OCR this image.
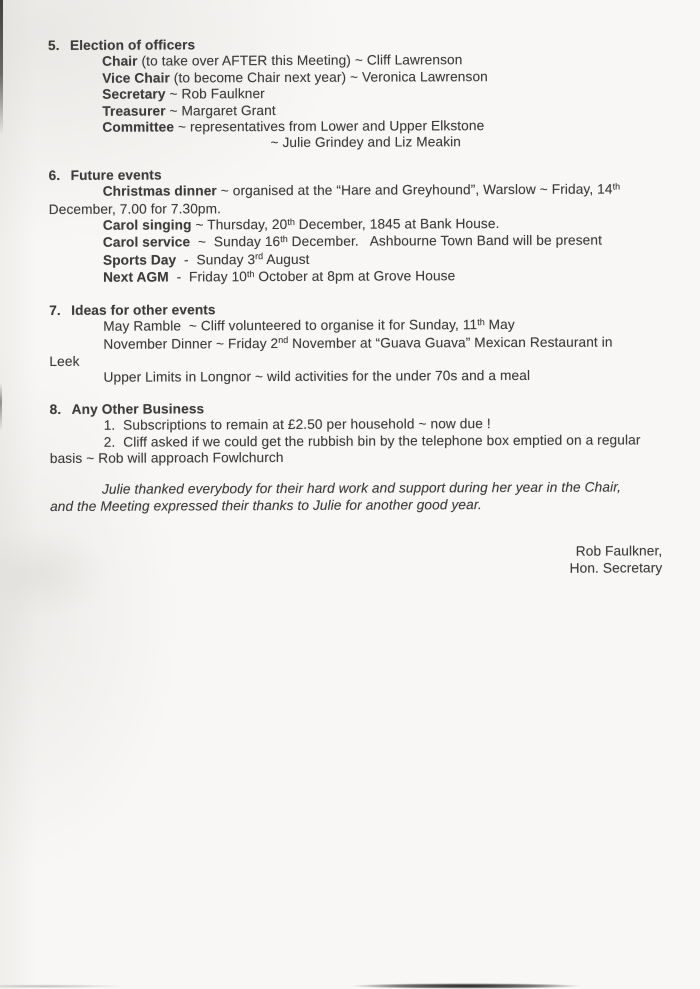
5. Election of officers
Chair (to take over AFTER this Meeting) ~ Cliff Lawrenson
Vice Chair (to become Chair next year) ~ Veronica Lawrenson
Secretary ~ Rob Faulkner
Treasurer ~ Margaret Grant
Committee ~ representatives from Lower and Upper Elkstone
~ Julie Grindey and Liz Meakin
6. Future events
Christmas dinner ~ organised at the “Hare and Greyhound”, Warslow ~ Friday, 14th
December, 7.00 for 7.30pm.
Carol singing ~ Thursday, 20th December, 1845 at Bank House.
Carol service  ~  Sunday 16th December.   Ashbourne Town Band will be present
Sports Day  -  Sunday 3rd August
Next AGM  -  Friday 10th October at 8pm at Grove House
7. Ideas for other events
May Ramble  ~ Cliff volunteered to organise it for Sunday, 11th May
November Dinner ~ Friday 2nd November at “Guava Guava” Mexican Restaurant in
Leek
Upper Limits in Longnor ~ wild activities for the under 70s and a meal
8. Any Other Business
1.  Subscriptions to remain at £2.50 per household ~ now due !
2.  Cliff asked if we could get the rubbish bin by the telephone box emptied on a regular
basis ~ Rob will approach Fowlchurch
Julie thanked everybody for their hard work and support during her year in the Chair,
and the Meeting expressed their thanks to Julie for another good year.
Rob Faulkner,
Hon. Secretary
